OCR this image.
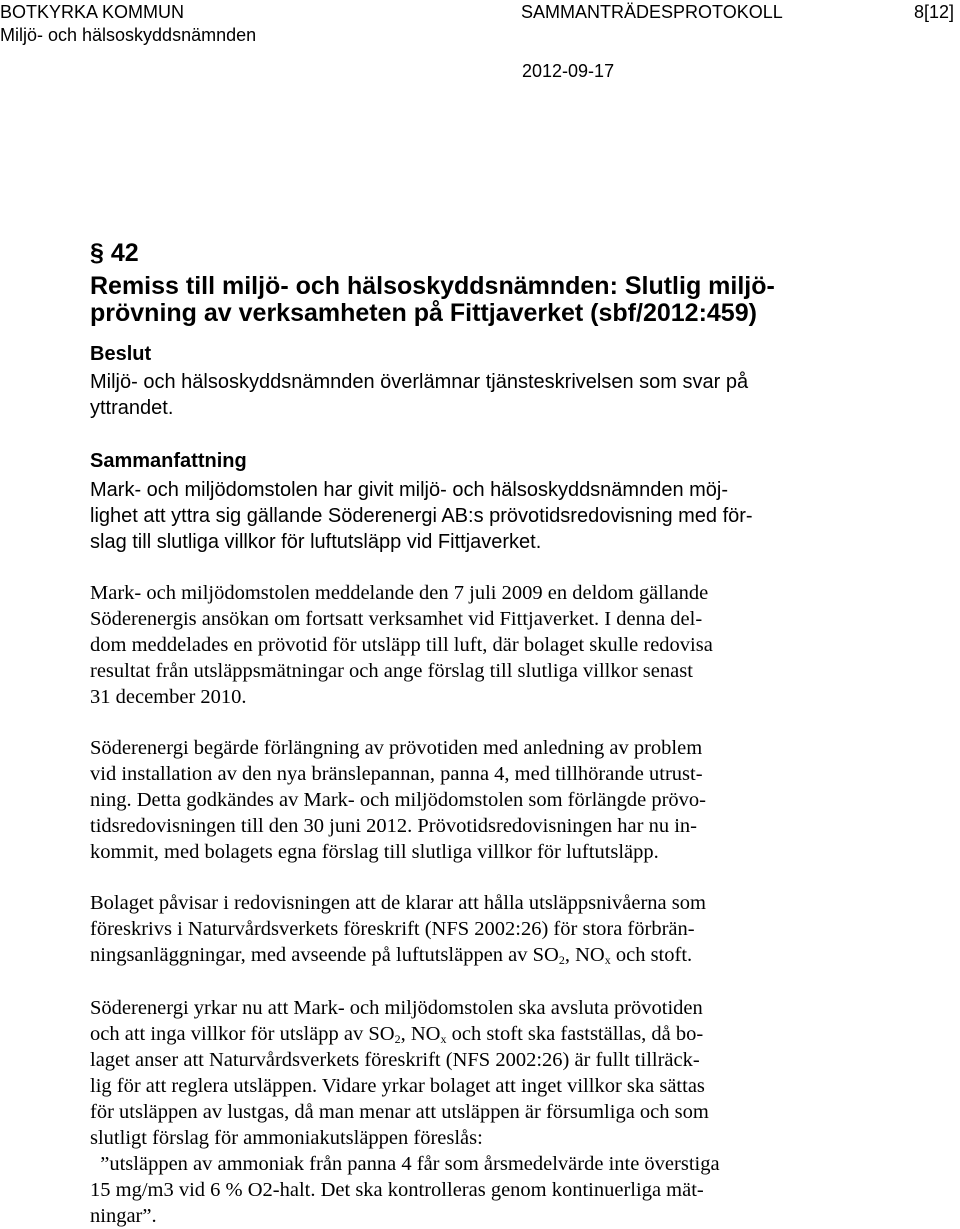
BOTKYRKA KOMMUN
Miljö- och hälsoskyddsnämnden
SAMMANTRÄDESPROTOKOLL	8[12]
2012-09-17
§ 42
Remiss till miljö- och hälsoskyddsnämnden: Slutlig miljö-
prövning av verksamheten på Fittjaverket (sbf/2012:459)
Beslut
Miljö- och hälsoskyddsnämnden överlämnar tjänsteskrivelsen som svar på
yttrandet.
Sammanfattning
Mark- och miljödomstolen har givit miljö- och hälsoskyddsnämnden möj-
lighet att yttra sig gällande Söderenergi AB:s prövotidsredovisning med för-
slag till slutliga villkor för luftutsläpp vid Fittjaverket.
Mark- och miljödomstolen meddelande den 7 juli 2009 en deldom gällande
Söderenergis ansökan om fortsatt verksamhet vid Fittjaverket. I denna del-
dom meddelades en prövotid för utsläpp till luft, där bolaget skulle redovisa
resultat från utsläppsmätningar och ange förslag till slutliga villkor senast
31 december 2010.
Söderenergi begärde förlängning av prövotiden med anledning av problem
vid installation av den nya bränslepannan, panna 4, med tillhörande utrust-
ning. Detta godkändes av Mark- och miljödomstolen som förlängde prövo-
tidsredovisningen till den 30 juni 2012. Prövotidsredovisningen har nu in-
kommit, med bolagets egna förslag till slutliga villkor för luftutsläpp.
Bolaget påvisar i redovisningen att de klarar att hålla utsläppsnivåerna som
föreskrivs i Naturvårdsverkets föreskrift (NFS 2002:26) för stora förbrän-
ningsanläggningar, med avseende på luftutsläppen av $SO_2$, $NO_x$ och stoft.
Söderenergi yrkar nu att Mark- och miljödomstolen ska avsluta prövotiden
och att inga villkor för utsläpp av $SO_2$, $NO_x$ och stoft ska fastställas, då bo-
laget anser att Naturvårdsverkets föreskrift (NFS 2002:26) är fullt tillräck-
lig för att reglera utsläppen. Vidare yrkar bolaget att inget villkor ska sättas
för utsläppen av lustgas, då man menar att utsläppen är försumliga och som
slutligt förslag för ammoniakutsläppen föreslås:
”utsläppen av ammoniak från panna 4 får som årsmedelvärde inte överstiga
15 mg/m3 vid 6 % O2-halt. Det ska kontrolleras genom kontinuerliga mät-
ningar”.
